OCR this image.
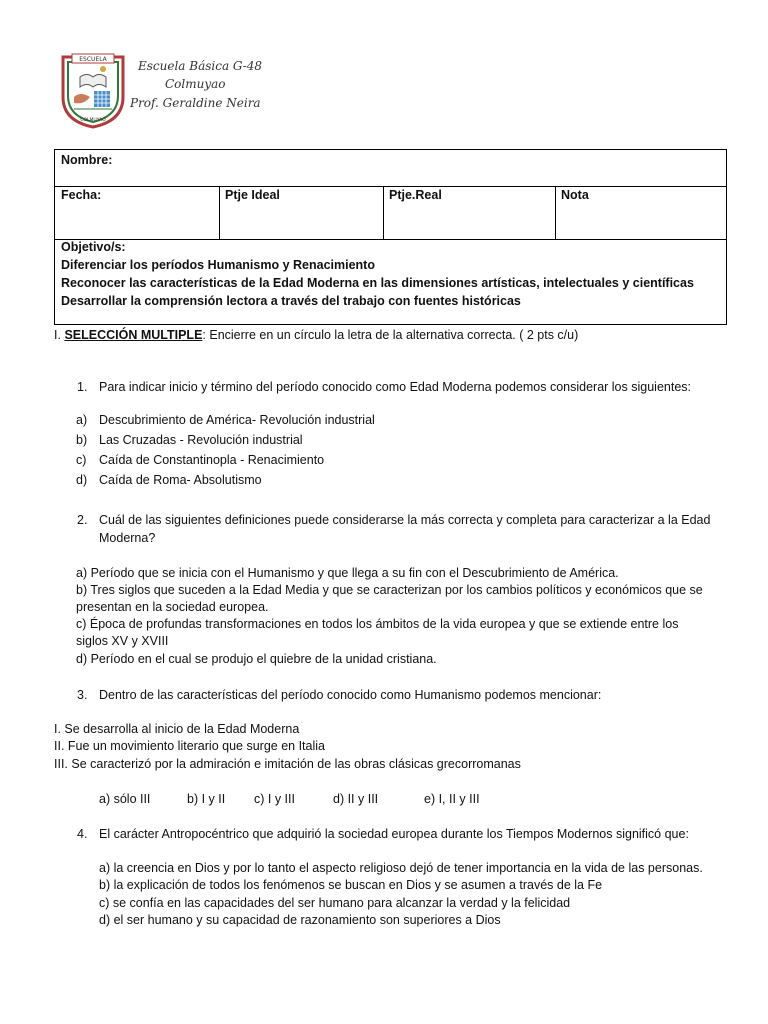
ESCUELA
COLMUYAO
Escuela Básica G-48
Colmuyao
Prof. Geraldine Neira
Nombre:
Fecha:	Ptje Ideal	Ptje.Real	Nota
Objetivo/s:
Diferenciar los períodos Humanismo y Renacimiento
Reconocer las características de la Edad Moderna en las dimensiones artísticas, intelectuales y científicas
Desarrollar la comprensión lectora a través del trabajo con fuentes históricas
I. SELECCIÓN MULTIPLE: Encierre en un círculo la letra de la alternativa correcta. ( 2 pts c/u)
1. Para indicar inicio y término del período conocido como Edad Moderna podemos considerar los siguientes:
a) Descubrimiento de América- Revolución industrial
b) Las Cruzadas - Revolución industrial
c) Caída de Constantinopla - Renacimiento
d) Caída de Roma- Absolutismo
2. Cuál de las siguientes definiciones puede considerarse la más correcta y completa para caracterizar a la Edad
Moderna?
a) Período que se inicia con el Humanismo y que llega a su fin con el Descubrimiento de América.
b) Tres siglos que suceden a la Edad Media y que se caracterizan por los cambios políticos y económicos que se
presentan en la sociedad europea.
c) Época de profundas transformaciones en todos los ámbitos de la vida europea y que se extiende entre los
siglos XV y XVIII
d) Período en el cual se produjo el quiebre de la unidad cristiana.
3. Dentro de las características del período conocido como Humanismo podemos mencionar:
I. Se desarrolla al inicio de la Edad Moderna
II. Fue un movimiento literario que surge en Italia
III. Se caracterizó por la admiración e imitación de las obras clásicas grecorromanas
a) sólo III	b) I y II c) I y III	d) II y III	e) I, II y III
4. El carácter Antropocéntrico que adquirió la sociedad europea durante los Tiempos Modernos significó que:
a) la creencia en Dios y por lo tanto el aspecto religioso dejó de tener importancia en la vida de las personas.
b) la explicación de todos los fenómenos se buscan en Dios y se asumen a través de la Fe
c) se confía en las capacidades del ser humano para alcanzar la verdad y la felicidad
d) el ser humano y su capacidad de razonamiento son superiores a Dios
